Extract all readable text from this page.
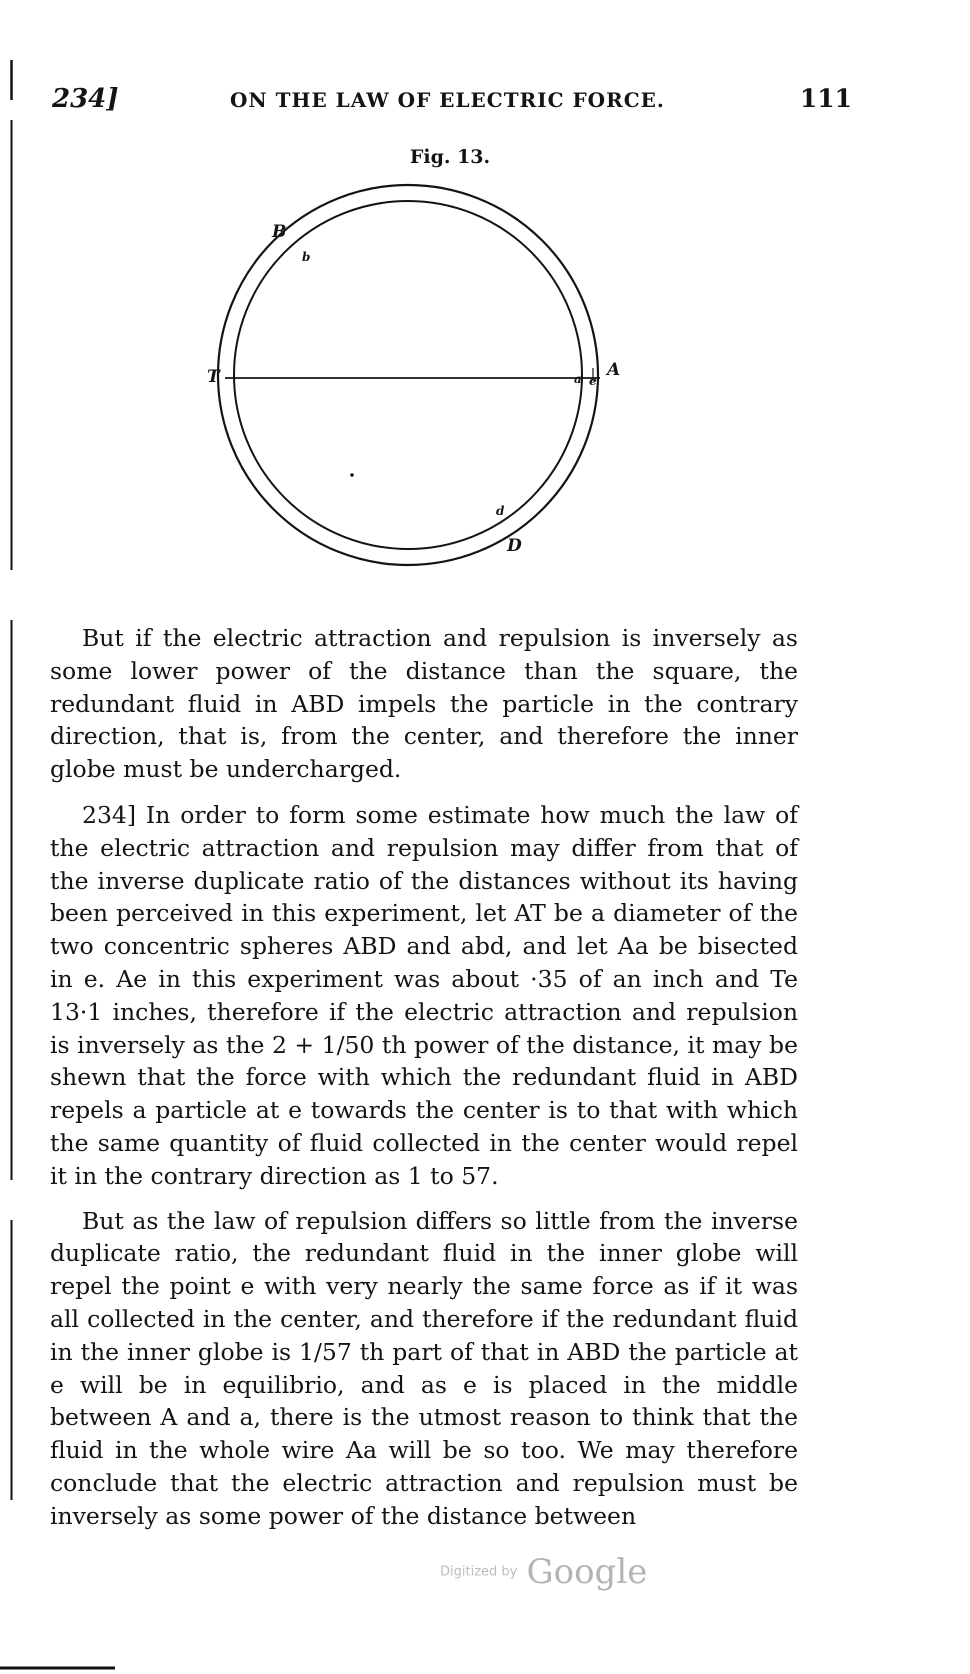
234]	ON THE LAW OF ELECTRIC FORCE.	111
Fig. 13.
B
b
T	a e
A
d
D

But if the electric attraction and repulsion is inversely as some lower power of the distance than the square, the redundant fluid in ABD impels the particle in the contrary direction, that is, from the center, and therefore the inner globe must be undercharged.

234] In order to form some estimate how much the law of the electric attraction and repulsion may differ from that of the inverse duplicate ratio of the distances without its having been perceived in this experiment, let AT be a diameter of the two concentric spheres ABD and abd, and let Aa be bisected in e. Ae in this experiment was about ·35 of an inch and Te 13·1 inches, therefore if the electric attraction and repulsion is inversely as the 2 + 1/50 th power of the distance, it may be shewn that the force with which the redundant fluid in ABD repels a particle at e towards the center is to that with which the same quantity of fluid collected in the center would repel it in the contrary direction as 1 to 57.

But as the law of repulsion differs so little from the inverse duplicate ratio, the redundant fluid in the inner globe will repel the point e with very nearly the same force as if it was all collected in the center, and therefore if the redundant fluid in the inner globe is 1/57 th part of that in ABD the particle at e will be in equilibrio, and as e is placed in the middle between A and a, there is the utmost reason to think that the fluid in the whole wire Aa will be so too. We may therefore conclude that the electric attraction and repulsion must be inversely as some power of the distance between

Digitized by Google
